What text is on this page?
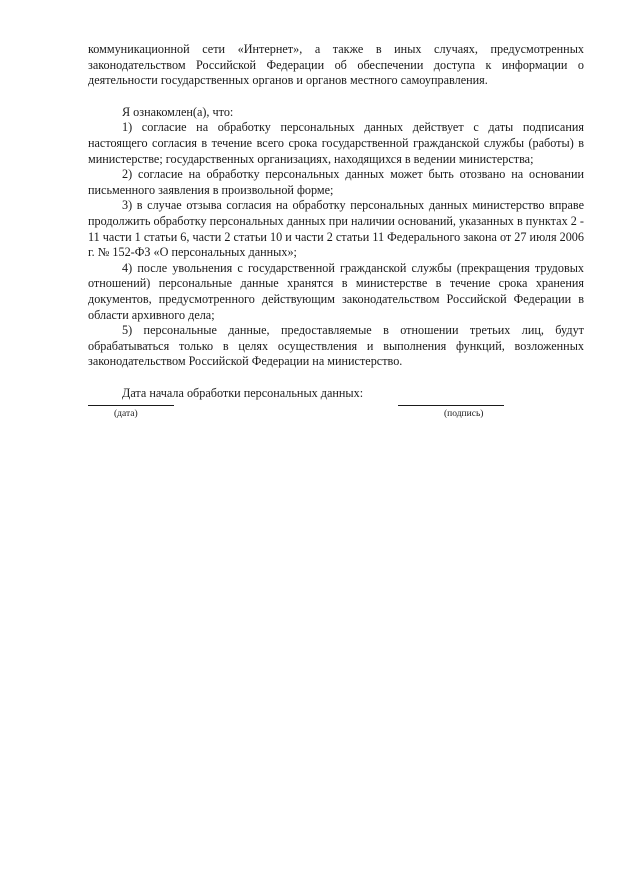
коммуникационной сети «Интернет», а также в иных случаях, предусмотренных законодательством Российской Федерации об обеспечении доступа к информации о деятельности государственных органов и органов местного самоуправления.

Я ознакомлен(а), что:

1) согласие на обработку персональных данных действует с даты подписания настоящего согласия в течение всего срока государственной гражданской службы (работы) в министерстве; государственных организациях, находящихся в ведении министерства;

2) согласие на обработку персональных данных может быть отозвано на основании письменного заявления в произвольной форме;

3) в случае отзыва согласия на обработку персональных данных министерство вправе продолжить обработку персональных данных при наличии оснований, указанных в пунктах 2 - 11 части 1 статьи 6, части 2 статьи 10 и части 2 статьи 11 Федерального закона от 27 июля 2006 г. № 152-ФЗ «О персональных данных»;

4) после увольнения с государственной гражданской службы (прекращения трудовых отношений) персональные данные хранятся в министерстве в течение срока хранения документов, предусмотренного действующим законодательством Российской Федерации в области архивного дела;

5) персональные данные, предоставляемые в отношении третьих лиц, будут обрабатываться только в целях осуществления и выполнения функций, возложенных законодательством Российской Федерации на министерство.

Дата начала обработки персональных данных:

(дата)	(подпись)
